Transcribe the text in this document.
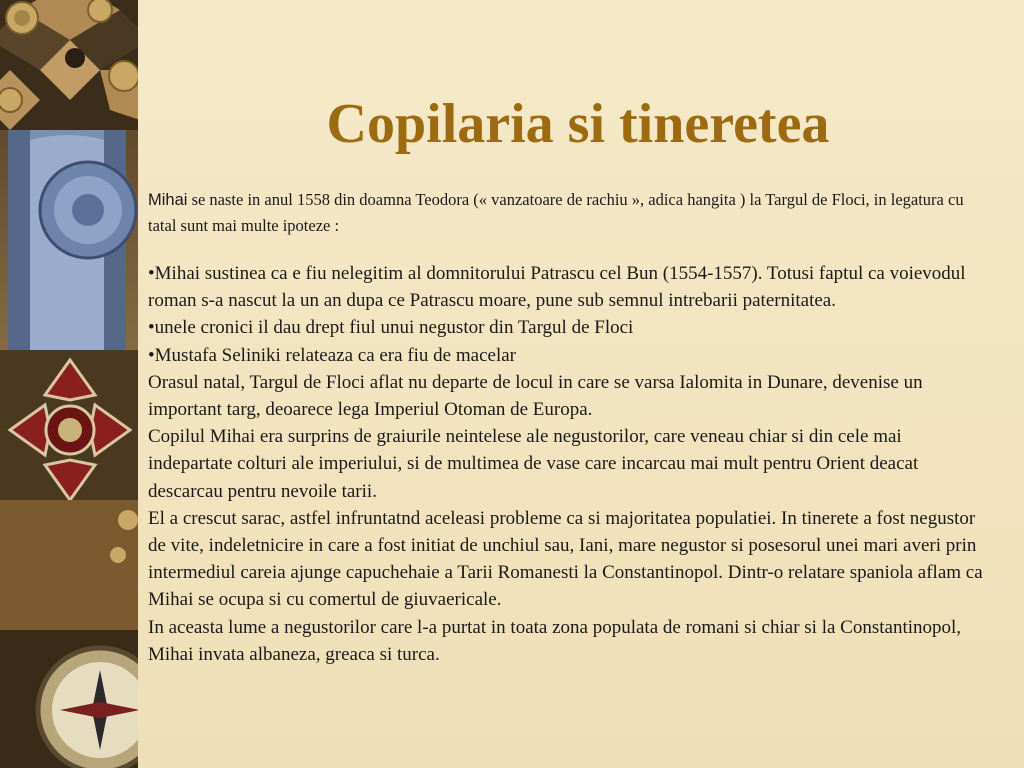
Copilaria si tineretea
Mihai se naste in anul 1558 din doamna Teodora (« vanzatoare de rachiu », adica hangita ) la Targul de Floci, in legatura cu tatal sunt mai multe ipoteze :

•Mihai sustinea ca e fiu nelegitim al domnitorului Patrascu cel Bun (1554-1557). Totusi faptul ca voievodul roman s-a nascut la un an dupa ce Patrascu moare, pune sub semnul intrebarii paternitatea.

•unele cronici il dau drept fiul unui negustor din Targul de Floci

•Mustafa Seliniki relateaza ca era fiu de macelar

Orasul natal, Targul de Floci aflat nu departe de locul in care se varsa Ialomita in Dunare, devenise un important targ, deoarece lega Imperiul Otoman de Europa.

Copilul Mihai era surprins de graiurile neintelese ale negustorilor, care veneau chiar si din cele mai indepartate colturi ale imperiului, si de multimea de vase care incarcau mai mult pentru Orient deacat descarcau pentru nevoile tarii.

El a crescut sarac, astfel infruntatnd aceleasi probleme ca si majoritatea populatiei. In tinerete a fost negustor de vite, indeletnicire in care a fost initiat de unchiul sau, Iani, mare negustor si posesorul unei mari averi prin intermediul careia ajunge capuchehaie a Tarii Romanesti la Constantinopol. Dintr-o relatare spaniola aflam ca Mihai se ocupa si cu comertul de giuvaericale.

In aceasta lume a negustorilor care l-a purtat in toata zona populata de romani si chiar si la Constantinopol, Mihai invata albaneza, greaca si turca.
